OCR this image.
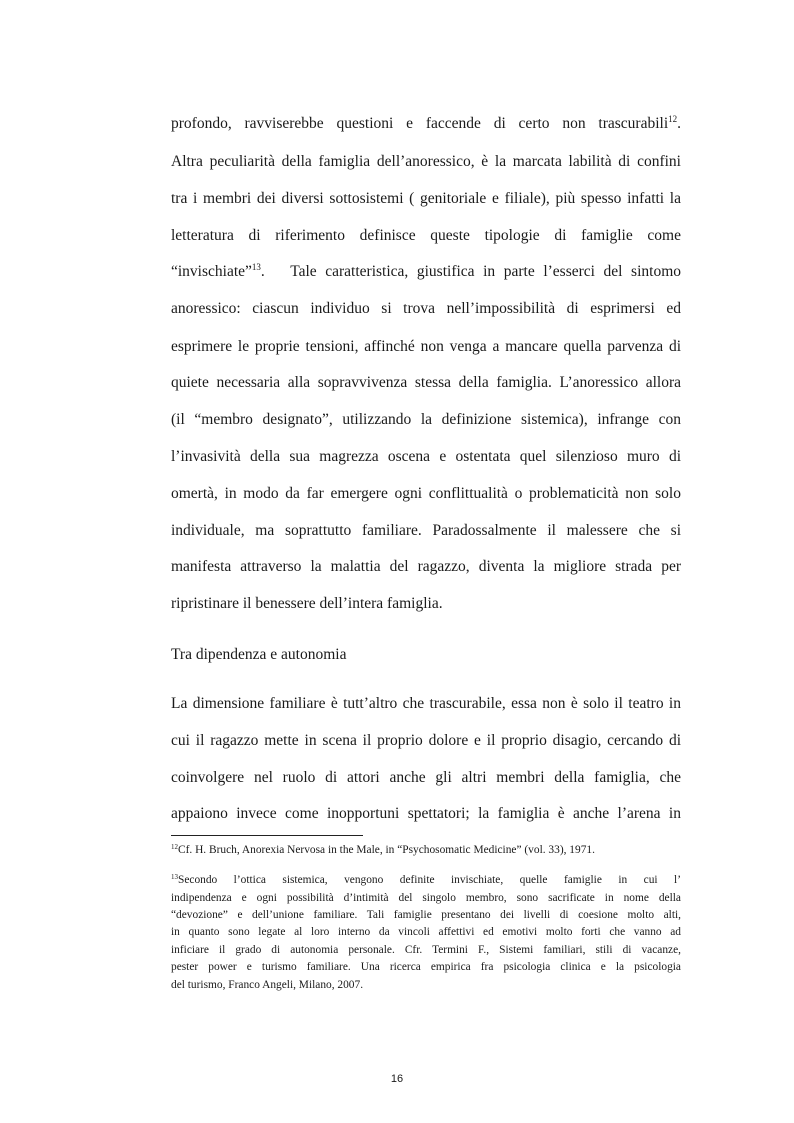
profondo, ravviserebbe questioni e faccende di certo non trascurabili$^{12}$.
Altra peculiarità della famiglia dell’anoressico, è la marcata labilità di confini
tra i membri dei diversi sottosistemi ( genitoriale e filiale), più spesso infatti la
letteratura di riferimento definisce queste tipologie di famiglie come
“invischiate”$^{13}$.   Tale caratteristica, giustifica in parte l’esserci del sintomo
anoressico: ciascun individuo si trova nell’impossibilità di esprimersi ed
esprimere le proprie tensioni, affinché non venga a mancare quella parvenza di
quiete necessaria alla sopravvivenza stessa della famiglia. L’anoressico allora
(il “membro designato”, utilizzando la definizione sistemica), infrange con
l’invasività della sua magrezza oscena e ostentata quel silenzioso muro di
omertà, in modo da far emergere ogni conflittualità o problematicità non solo
individuale, ma soprattutto familiare. Paradossalmente il malessere che si
manifesta attraverso la malattia del ragazzo, diventa la migliore strada per
ripristinare il benessere dell’intera famiglia.
Tra dipendenza e autonomia
La dimensione familiare è tutt’altro che trascurabile, essa non è solo il teatro in
cui il ragazzo mette in scena il proprio dolore e il proprio disagio, cercando di
coinvolgere nel ruolo di attori anche gli altri membri della famiglia, che
appaiono invece come inopportuni spettatori; la famiglia è anche l’arena in
$^{12}$Cf. H. Bruch, Anorexia Nervosa in the Male, in “Psychosomatic Medicine” (vol. 33), 1971.
$^{13}$Secondo l’ottica sistemica, vengono definite invischiate, quelle famiglie in cui l’
indipendenza e ogni possibilità d’intimità del singolo membro, sono sacrificate in nome della
“devozione” e dell’unione familiare. Tali famiglie presentano dei livelli di coesione molto alti,
in quanto sono legate al loro interno da vincoli affettivi ed emotivi molto forti che vanno ad
inficiare il grado di autonomia personale. Cfr. Termini F., Sistemi familiari, stili di vacanze,
pester power e turismo familiare. Una ricerca empirica fra psicologia clinica e la psicologia
del turismo, Franco Angeli, Milano, 2007.
16
